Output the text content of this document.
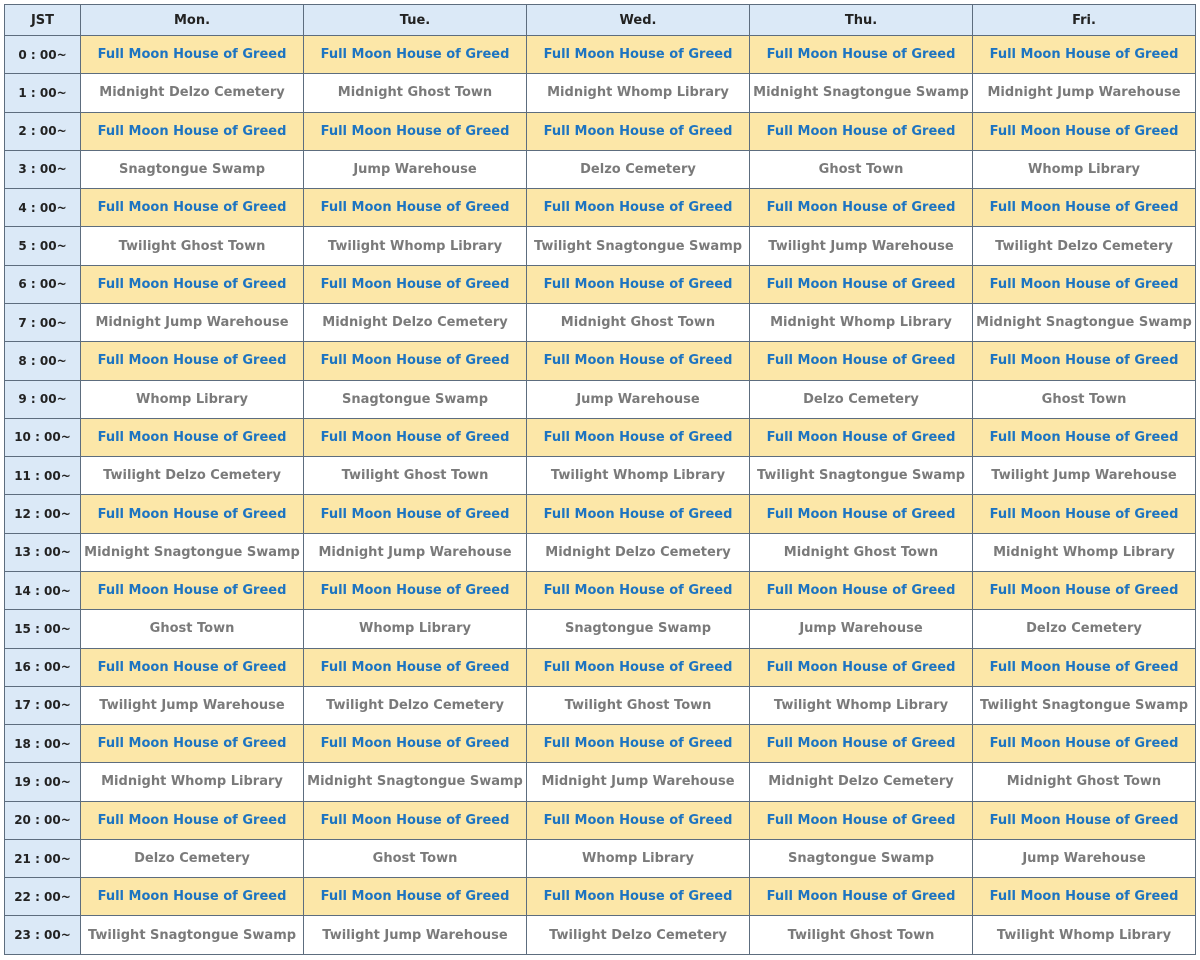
JST	Mon.	Tue.	Wed.	Thu.	Fri.
0 : 00~	Full Moon House of Greed	Full Moon House of Greed	Full Moon House of Greed	Full Moon House of Greed	Full Moon House of Greed
1 : 00~	Midnight Delzo Cemetery	Midnight Ghost Town	Midnight Whomp Library	Midnight Snagtongue Swamp	Midnight Jump Warehouse
2 : 00~	Full Moon House of Greed	Full Moon House of Greed	Full Moon House of Greed	Full Moon House of Greed	Full Moon House of Greed
3 : 00~	Snagtongue Swamp	Jump Warehouse	Delzo Cemetery	Ghost Town	Whomp Library
4 : 00~	Full Moon House of Greed	Full Moon House of Greed	Full Moon House of Greed	Full Moon House of Greed	Full Moon House of Greed
5 : 00~	Twilight Ghost Town	Twilight Whomp Library	Twilight Snagtongue Swamp	Twilight Jump Warehouse	Twilight Delzo Cemetery
6 : 00~	Full Moon House of Greed	Full Moon House of Greed	Full Moon House of Greed	Full Moon House of Greed	Full Moon House of Greed
7 : 00~	Midnight Jump Warehouse	Midnight Delzo Cemetery	Midnight Ghost Town	Midnight Whomp Library	Midnight Snagtongue Swamp
8 : 00~	Full Moon House of Greed	Full Moon House of Greed	Full Moon House of Greed	Full Moon House of Greed	Full Moon House of Greed
9 : 00~	Whomp Library	Snagtongue Swamp	Jump Warehouse	Delzo Cemetery	Ghost Town
10 : 00~	Full Moon House of Greed	Full Moon House of Greed	Full Moon House of Greed	Full Moon House of Greed	Full Moon House of Greed
11 : 00~	Twilight Delzo Cemetery	Twilight Ghost Town	Twilight Whomp Library	Twilight Snagtongue Swamp	Twilight Jump Warehouse
12 : 00~	Full Moon House of Greed	Full Moon House of Greed	Full Moon House of Greed	Full Moon House of Greed	Full Moon House of Greed
13 : 00~	Midnight Snagtongue Swamp	Midnight Jump Warehouse	Midnight Delzo Cemetery	Midnight Ghost Town	Midnight Whomp Library
14 : 00~	Full Moon House of Greed	Full Moon House of Greed	Full Moon House of Greed	Full Moon House of Greed	Full Moon House of Greed
15 : 00~	Ghost Town	Whomp Library	Snagtongue Swamp	Jump Warehouse	Delzo Cemetery
16 : 00~	Full Moon House of Greed	Full Moon House of Greed	Full Moon House of Greed	Full Moon House of Greed	Full Moon House of Greed
17 : 00~	Twilight Jump Warehouse	Twilight Delzo Cemetery	Twilight Ghost Town	Twilight Whomp Library	Twilight Snagtongue Swamp
18 : 00~	Full Moon House of Greed	Full Moon House of Greed	Full Moon House of Greed	Full Moon House of Greed	Full Moon House of Greed
19 : 00~	Midnight Whomp Library	Midnight Snagtongue Swamp	Midnight Jump Warehouse	Midnight Delzo Cemetery	Midnight Ghost Town
20 : 00~	Full Moon House of Greed	Full Moon House of Greed	Full Moon House of Greed	Full Moon House of Greed	Full Moon House of Greed
21 : 00~	Delzo Cemetery	Ghost Town	Whomp Library	Snagtongue Swamp	Jump Warehouse
22 : 00~	Full Moon House of Greed	Full Moon House of Greed	Full Moon House of Greed	Full Moon House of Greed	Full Moon House of Greed
23 : 00~	Twilight Snagtongue Swamp	Twilight Jump Warehouse	Twilight Delzo Cemetery	Twilight Ghost Town	Twilight Whomp Library
